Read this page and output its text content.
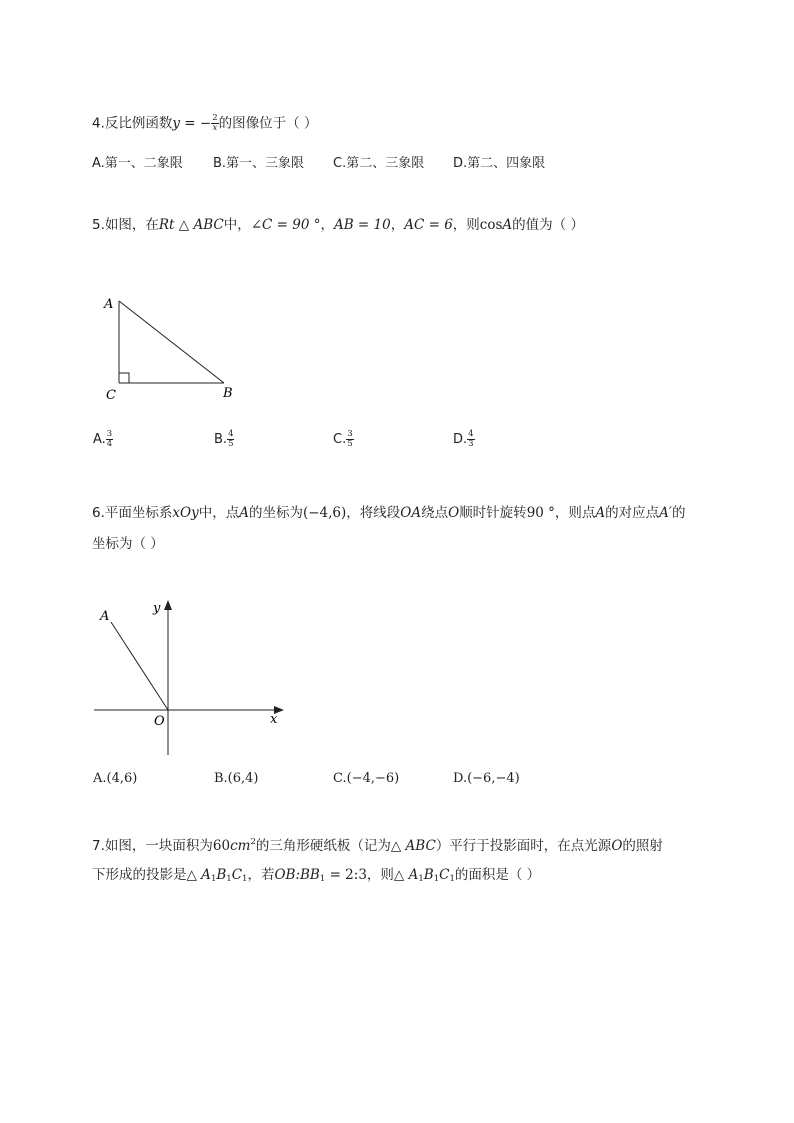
4.反比例函数y = − $\frac{2}{x}$ 的图像位于（ ）
A.第一、二象限 B.第一、三象限 C.第二、三象限 D.第二、四象限
5.如图，在Rt △ ABC中，∠C = 90 °，AB = 10，AC = 6，则cosA的值为（ ）
A
C	B
A. $\frac{3}{4}$	B. $\frac{4}{5}$	C. $\frac{3}{5}$	D. $\frac{4}{3}$
6.平面坐标系xOy中，点A的坐标为(−4,6)，将线段OA绕点O顺时针旋转90 °，则点A的对应点A′的
坐标为（ ）
A
O	x
y
A.(4,6)	B.(6,4)	C.(−4,−6)	D.(−6,−4)
7.如图，一块面积为$60cm^2$的三角形硬纸板（记为△ ABC）平行于投影面时，在点光源O的照射
下形成的投影是△ $A_1B_1C_1$，若$OB:BB_1$ = 2:3，则△ $A_1B_1C_1$的面积是（ ）
